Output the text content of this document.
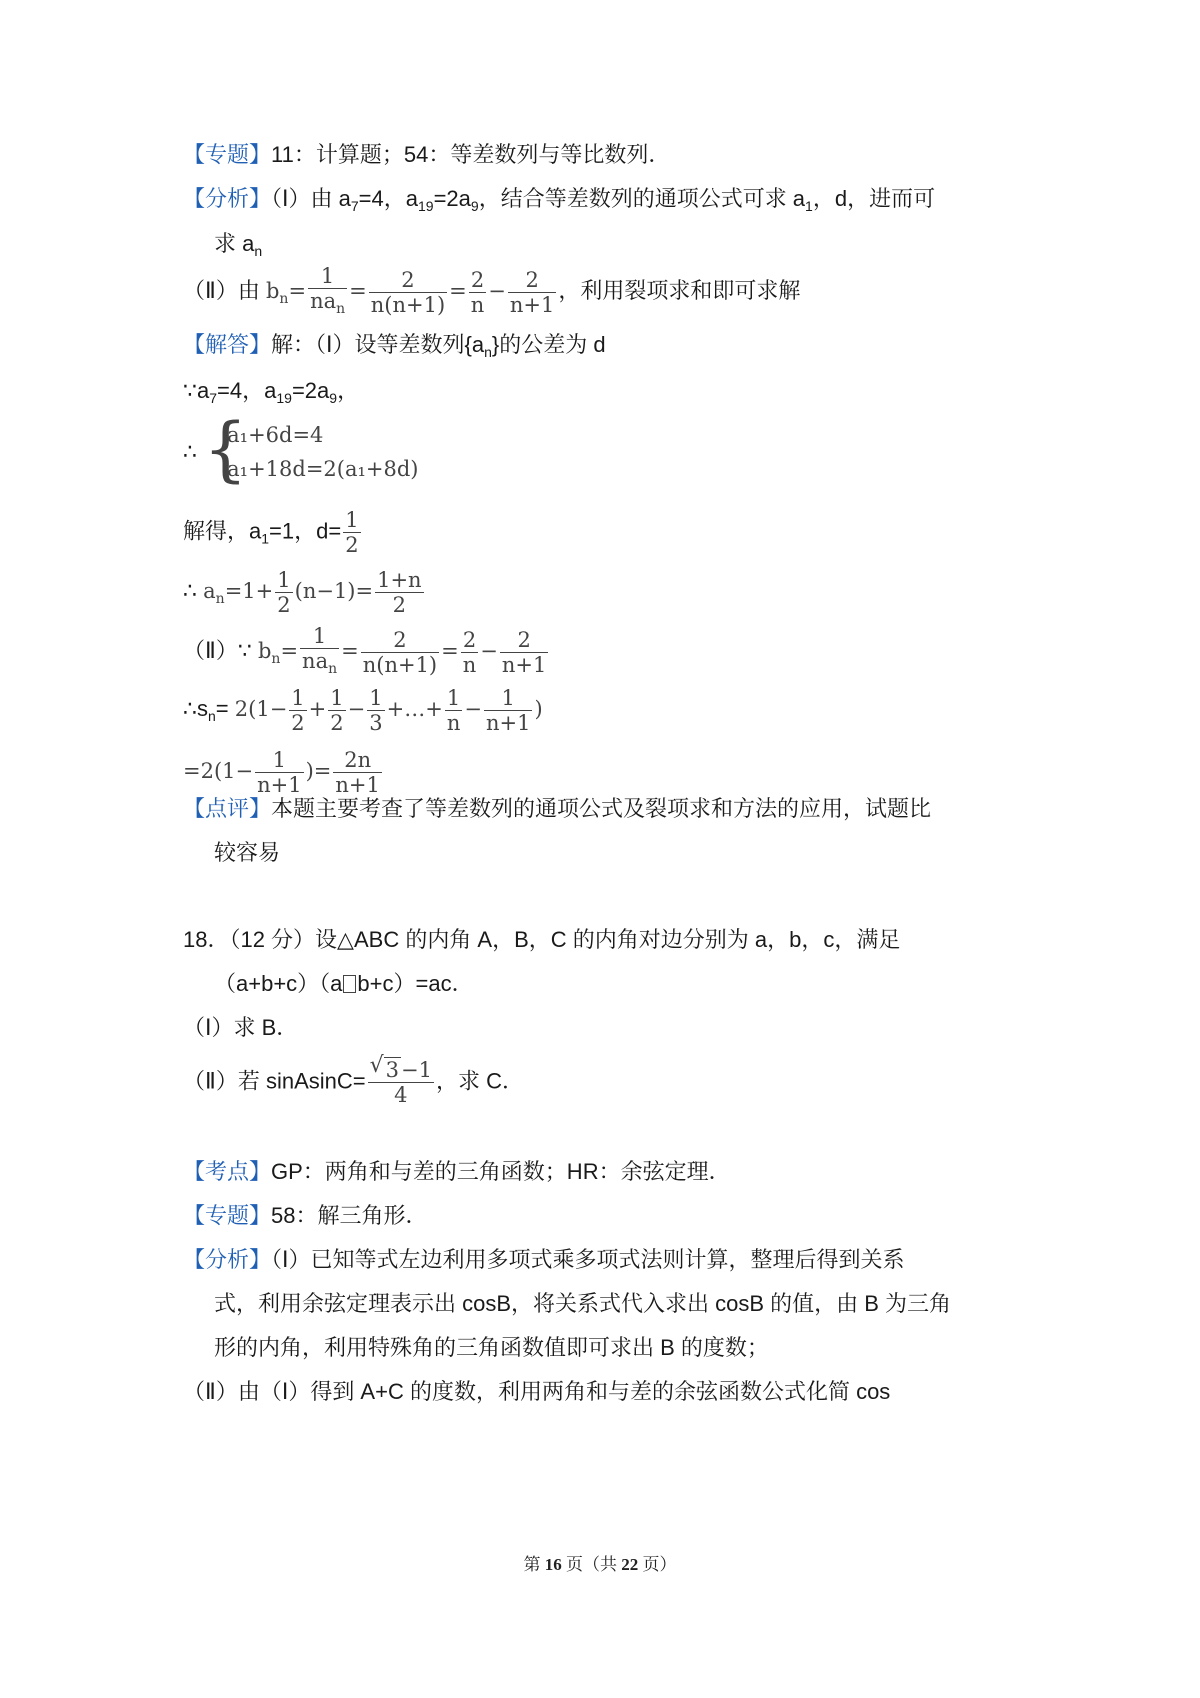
【专题】11：计算题；54：等差数列与等比数列．
【分析】（Ⅰ）由 $a_7=4$，$a_{19}=2a_9$，结合等差数列的通项公式可求 $a_1$，d，进而可
求 $a_n$
（Ⅱ）由 $b_n= \frac{1}{na_n} = \frac{2}{n(n+1)} = \frac{2}{n} - \frac{2}{n+1}$ ，利用裂项求和即可求解
【解答】解：（Ⅰ）设等差数列$\{a_n\}$的公差为 d
$\because a_7=4$，$a_{19}=2a_9$，
∴ {
a₁+6d=4
a₁+18d=2(a₁+8d)
解得，$a_1=1$，$d= \frac{1}{2}$
∴ $a_n=1+ \frac{1}{2} (n-1)= \frac{1+n}{2}$
（Ⅱ）∵ $b_n= \frac{1}{na_n} = \frac{2}{n(n+1)} = \frac{2}{n} - \frac{2}{n+1}$
$\therefore s_n= 2(1- \frac{1}{2} + \frac{1}{2} - \frac{1}{3}$ +…+ $\frac{1}{n} - \frac{1}{n+1}$ )
$=2(1- \frac{1}{n+1}$ )= $\frac{2n}{n+1}$
【点评】本题主要考查了等差数列的通项公式及裂项求和方法的应用，试题比
较容易
18．（12 分）设△ABC 的内角 A，B，C 的内角对边分别为 a，b，c，满足
（a+b+c）（a b+c）=ac．
（Ⅰ）求 B．
（Ⅱ）若 sinAsinC= $\frac{√ 3-1}{4}$ ，求 C．
【考点】GP：两角和与差的三角函数；HR：余弦定理．
【专题】58：解三角形．
【分析】（Ⅰ）已知等式左边利用多项式乘多项式法则计算，整理后得到关系
式，利用余弦定理表示出 cosB，将关系式代入求出 cosB 的值，由 B 为三角
形的内角，利用特殊角的三角函数值即可求出 B 的度数；
（Ⅱ）由（Ⅰ）得到 A+C 的度数，利用两角和与差的余弦函数公式化简 cos
第 16 页（共 22 页）
